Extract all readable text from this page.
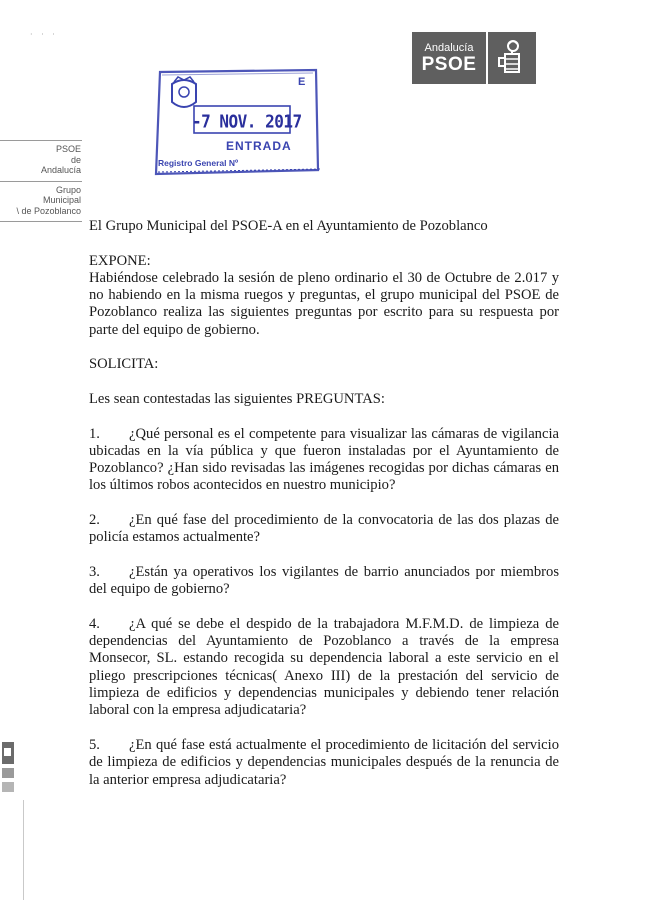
· · ·
Andalucía
PSOE
E
-7 NOV. 2017
ENTRADA
Registro General Nº
PSOE
de
Andalucía
Grupo
Municipal
\ de Pozoblanco

El Grupo Municipal del PSOE-A en el Ayuntamiento de Pozoblanco

EXPONE:

Habiéndose celebrado la sesión de pleno ordinario el 30 de Octubre de 2.017 y no habiendo en la misma ruegos y preguntas, el grupo municipal del PSOE de Pozoblanco realiza las siguientes preguntas por escrito para su respuesta por parte del equipo de gobierno.

SOLICITA:

Les sean contestadas las siguientes PREGUNTAS:

1. ¿Qué personal es el competente para visualizar las cámaras de vigilancia ubicadas en la vía pública y que fueron instaladas por el Ayuntamiento de Pozoblanco? ¿Han sido revisadas las imágenes recogidas por dichas cámaras en los últimos robos acontecidos en nuestro municipio?

2. ¿En qué fase del procedimiento de la convocatoria de las dos plazas de policía estamos actualmente?

3. ¿Están ya operativos los vigilantes de barrio anunciados por miembros del equipo de gobierno?

4. ¿A qué se debe el despido de la trabajadora M.F.M.D. de limpieza de dependencias del Ayuntamiento de Pozoblanco a través de la empresa Monsecor, SL. estando recogida su dependencia laboral a este servicio en el pliego prescripciones técnicas( Anexo III) de la prestación del servicio de limpieza de edificios y dependencias municipales y debiendo tener relación laboral con la empresa adjudicataria?

5. ¿En qué fase está actualmente el procedimiento de licitación del servicio de limpieza de edificios y dependencias municipales después de la renuncia de la anterior empresa adjudicataria?
